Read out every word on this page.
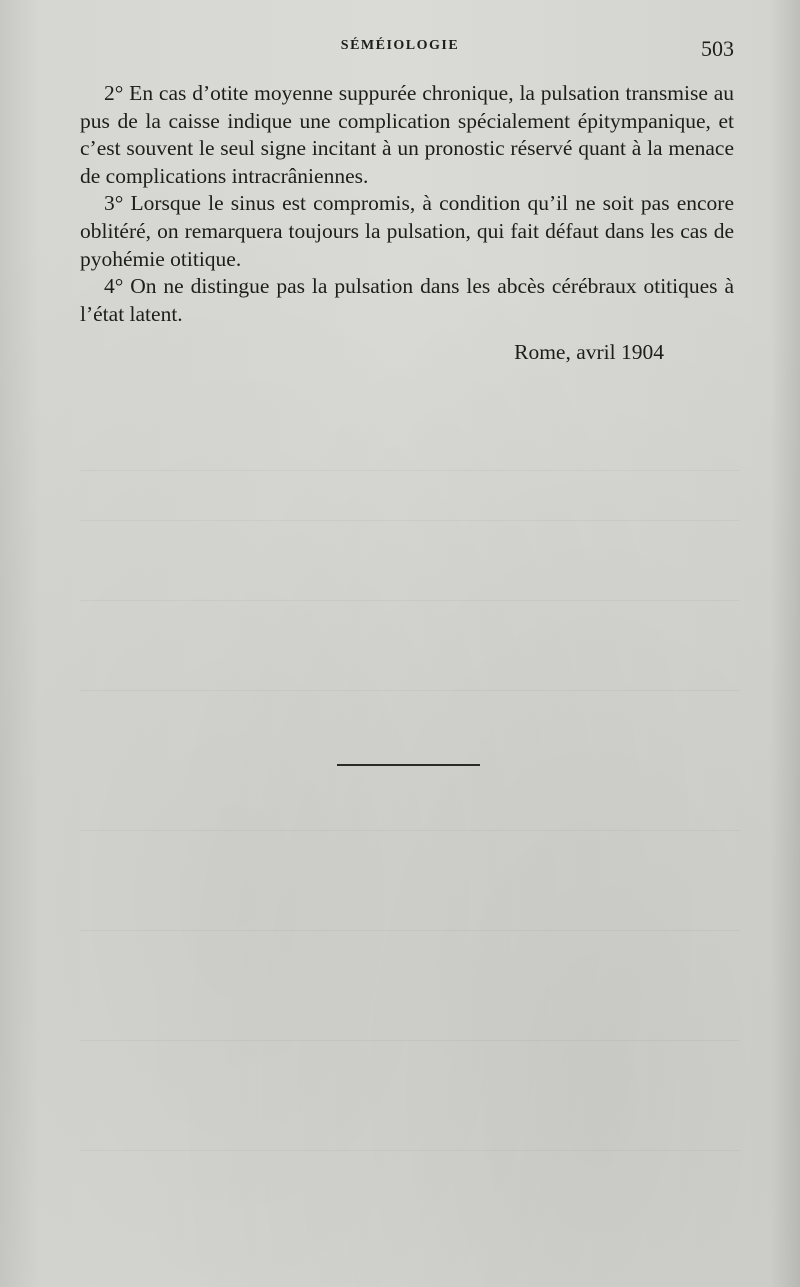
SÉMÉIOLOGIE	503

2° En cas d’otite moyenne suppurée chronique, la pulsation transmise au pus de la caisse indique une complication spécialement épitympanique, et c’est souvent le seul signe incitant à un pronostic réservé quant à la menace de complications intracrâniennes.

3° Lorsque le sinus est compromis, à condition qu’il ne soit pas encore oblitéré, on remarquera toujours la pulsation, qui fait défaut dans les cas de pyohémie otitique.

4° On ne distingue pas la pulsation dans les abcès cérébraux otitiques à l’état latent.

Rome, avril 1904
